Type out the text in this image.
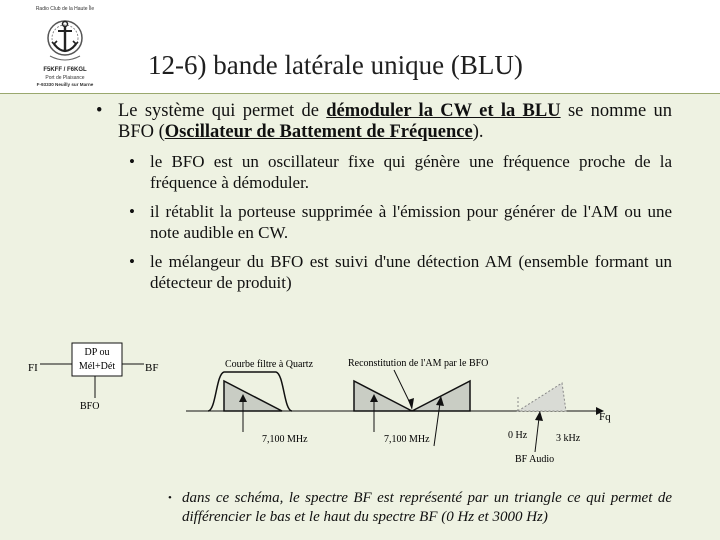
Radio Club de la Haute Île
F5KFF / F6KGL
Port de Plaisance
F-93330 Neuilly sur Marne
12-6) bande latérale unique (BLU)
• Le système qui permet de démoduler la CW et la BLU se nomme un BFO (Oscillateur de Battement de Fréquence).
• le BFO est un oscillateur fixe qui génère une fréquence proche de la fréquence à démoduler.
• il rétablit la porteuse supprimée à l'émission pour générer de l'AM ou une note audible en CW.
• le mélangeur du BFO est suivi d'une détection AM (ensemble formant un détecteur de produit)
DP ou
Mél+Dét
FI	BF
BFO
Fq
Courbe filtre à Quartz	Reconstitution de l'AM par le BFO
7,100 MHz	7,100 MHz	0 Hz	3 kHz
BF Audio
• dans ce schéma, le spectre BF est représenté par un triangle ce qui permet de différencier le bas et le haut du spectre BF (0 Hz et 3000 Hz)
